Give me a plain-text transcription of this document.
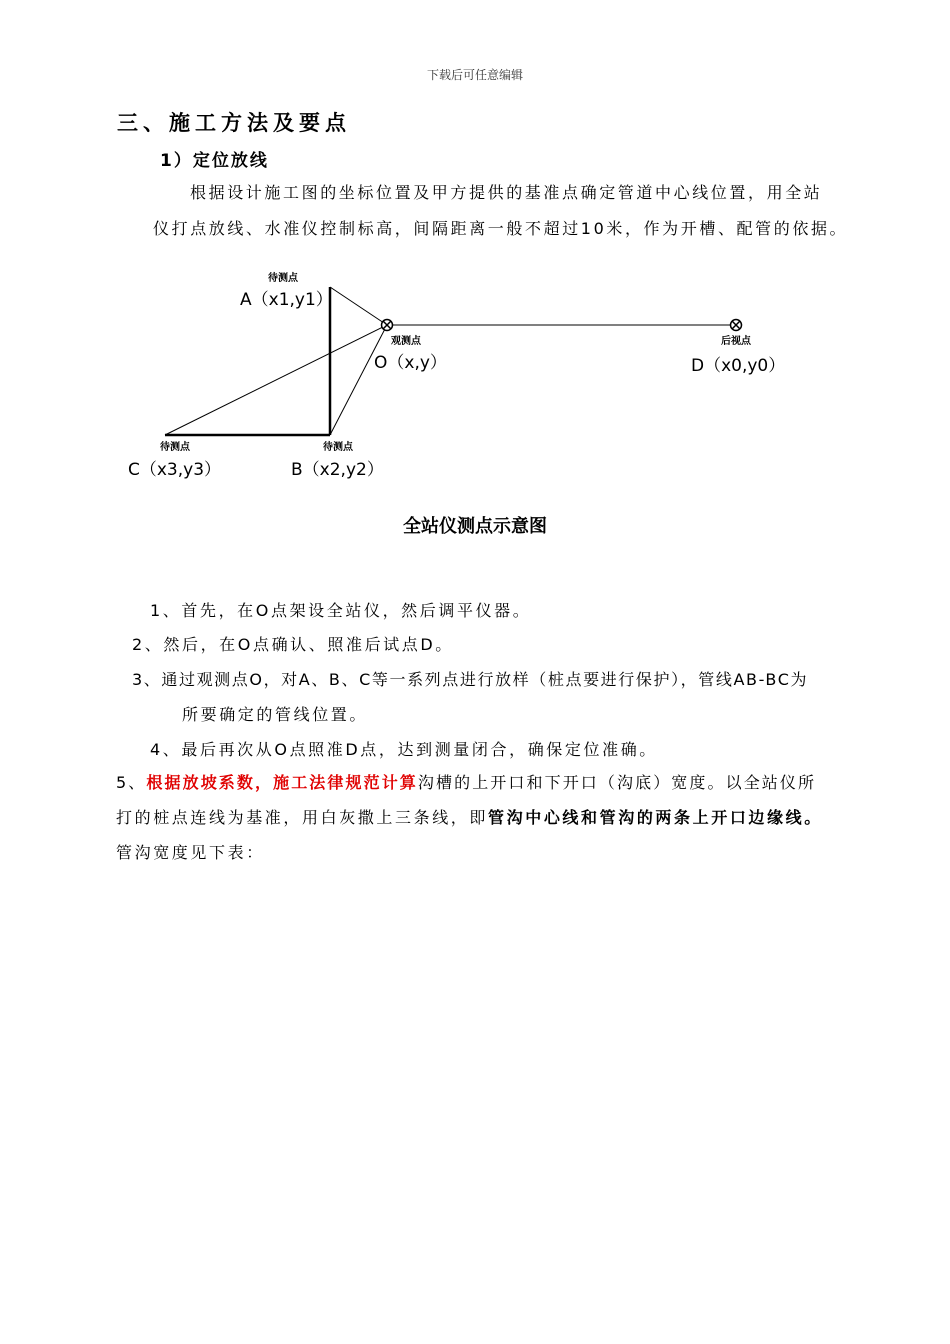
下载后可任意编辑
三、施工方法及要点
1）定位放线
根据设计施工图的坐标位置及甲方提供的基准点确定管道中心线位置，用全站
仪打点放线、水准仪控制标高，间隔距离一般不超过10米，作为开槽、配管的依据。
待测点
A（x1,y1）
观测点
O（x,y）
后视点
D（x0,y0）
待测点
C（x3,y3）
待测点
B（x2,y2）
全站仪测点示意图
1、首先，在O点架设全站仪，然后调平仪器。
2、然后，在O点确认、照准后试点D。
3、通过观测点O，对A、B、C等一系列点进行放样（桩点要进行保护），管线AB-BC为
所要确定的管线位置。
4、最后再次从O点照准D点，达到测量闭合，确保定位准确。
5、根据放坡系数，施工法律规范计算沟槽的上开口和下开口（沟底）宽度。以全站仪所
打的桩点连线为基准，用白灰撒上三条线，即管沟中心线和管沟的两条上开口边缘线。
管沟宽度见下表：
